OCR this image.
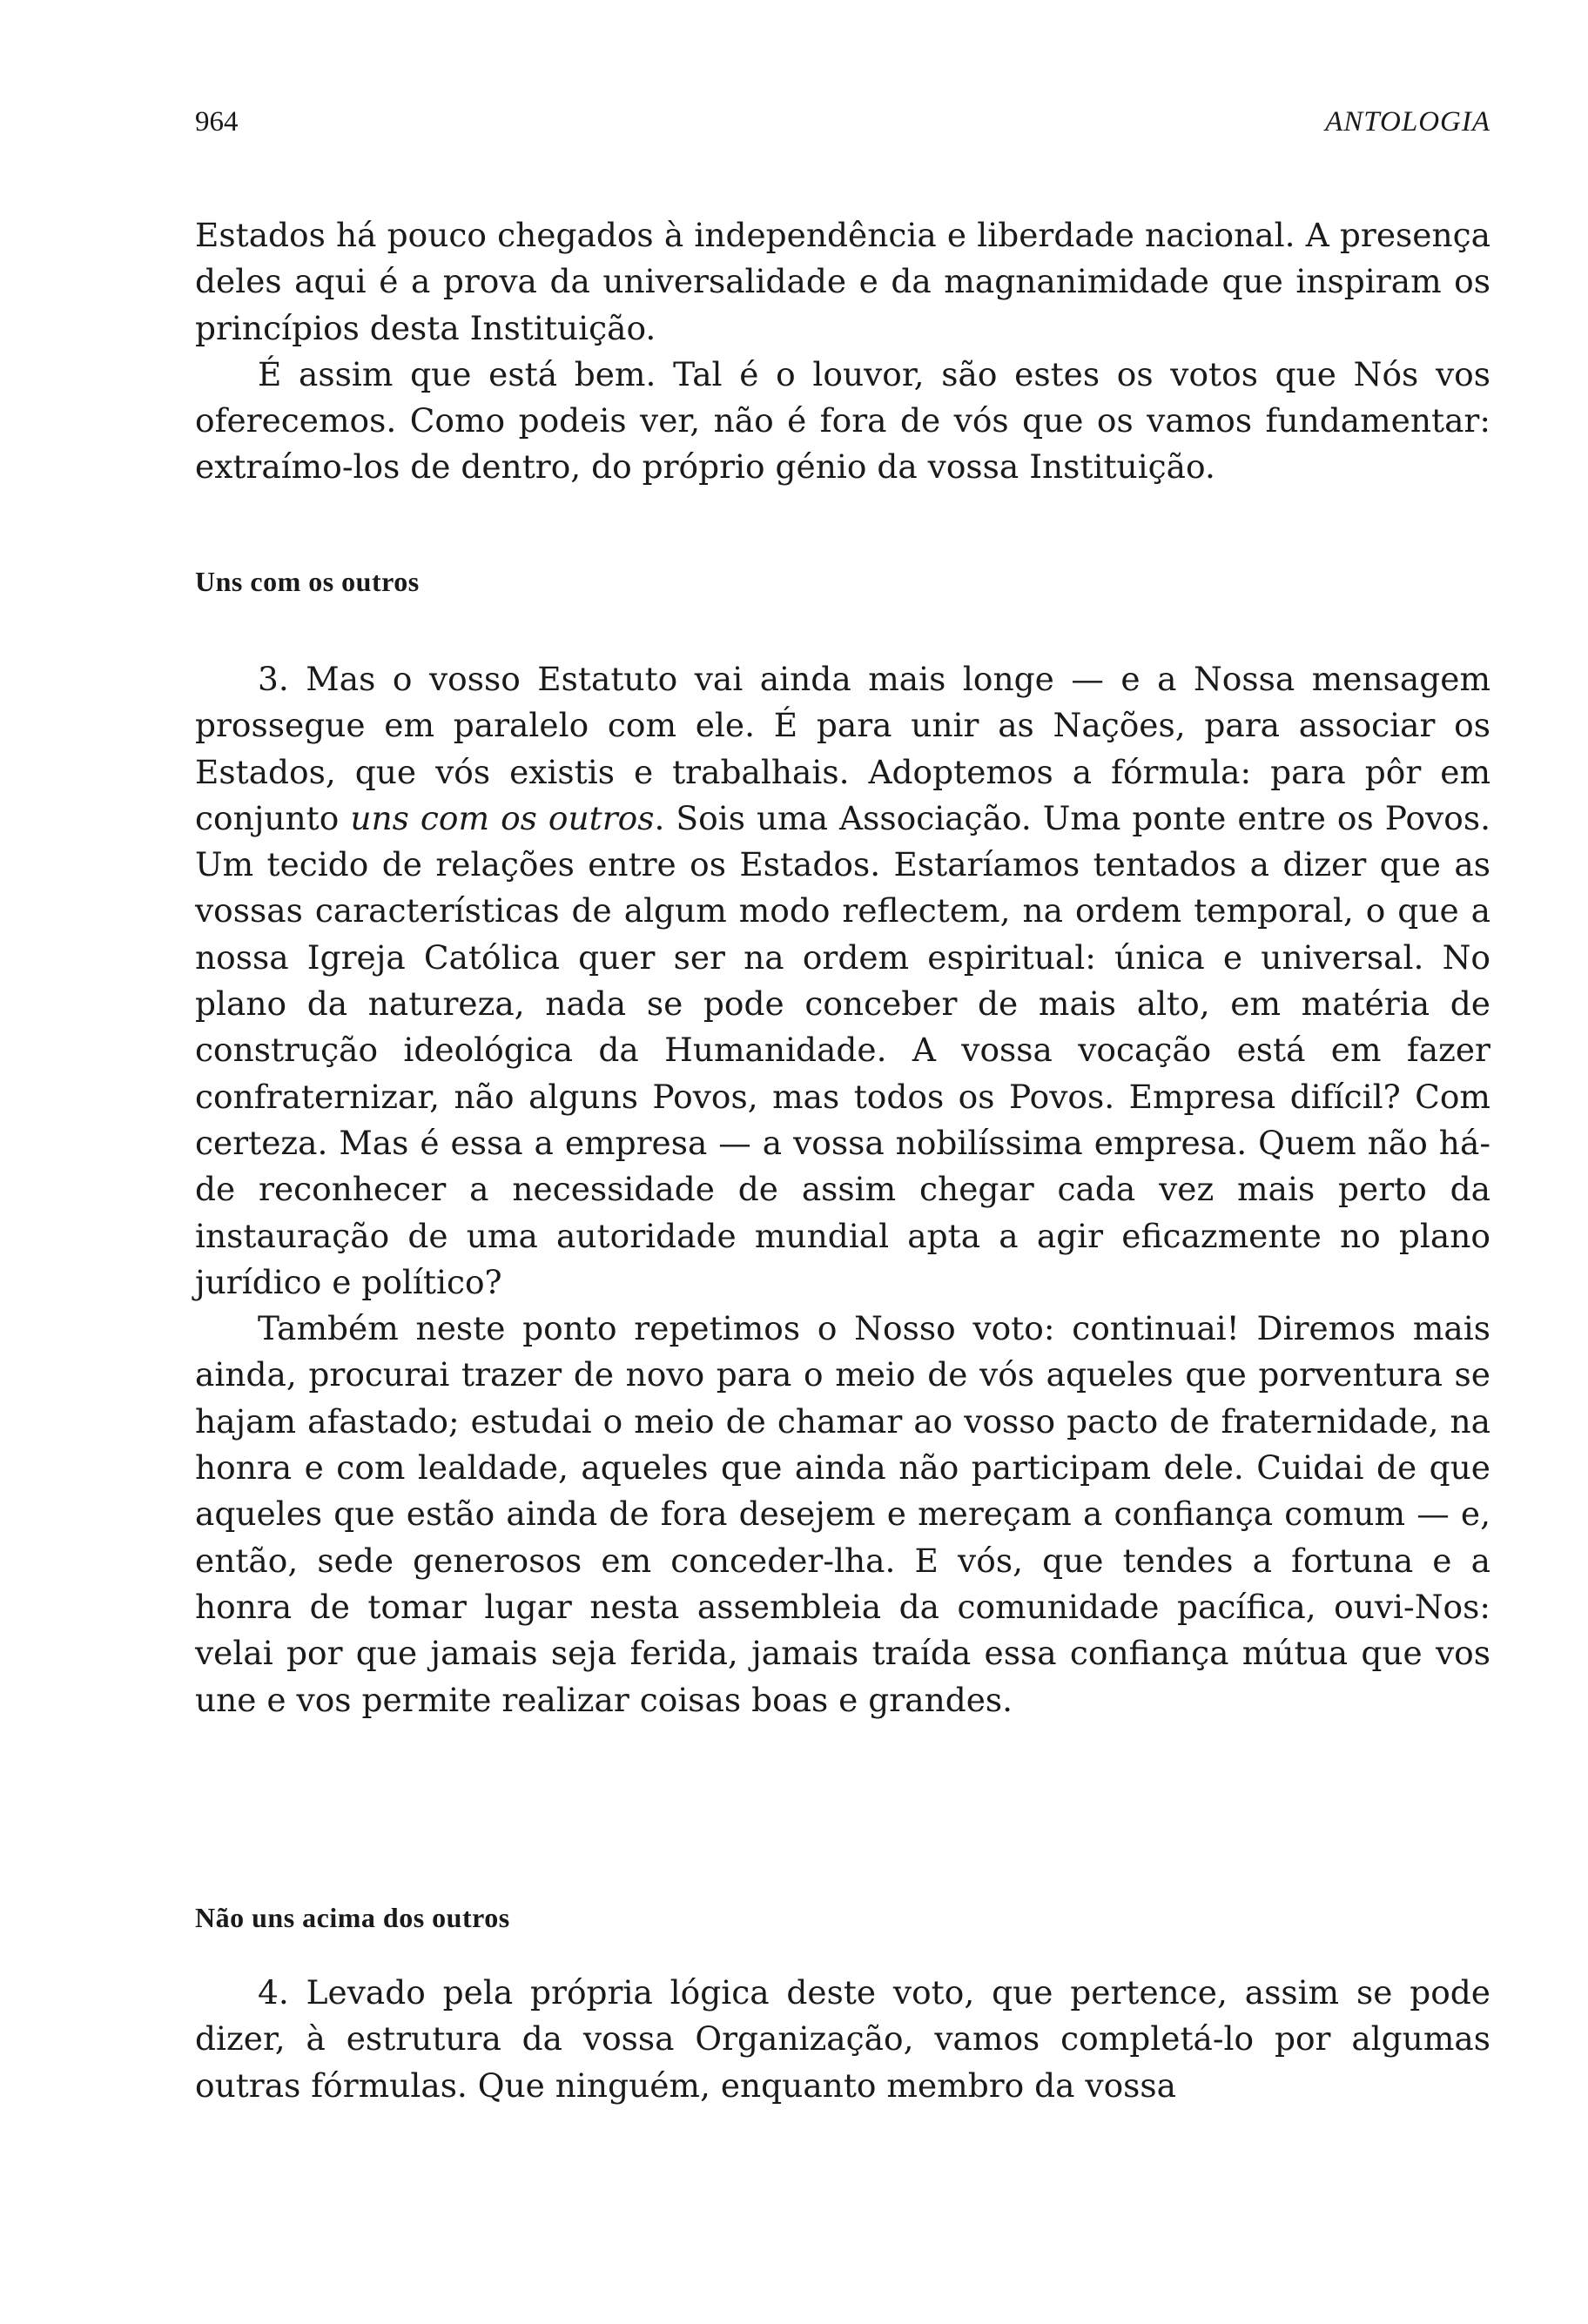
964	ANTOLOGIA

Estados há pouco chegados à independência e liberdade nacional. A presença deles aqui é a prova da universalidade e da magnanimidade que inspiram os princípios desta Instituição.

É assim que está bem. Tal é o louvor, são estes os votos que Nós vos oferecemos. Como podeis ver, não é fora de vós que os vamos fundamentar: extraímo-los de dentro, do próprio génio da vossa Instituição.

Uns com os outros

3. Mas o vosso Estatuto vai ainda mais longe — e a Nossa mensagem prossegue em paralelo com ele. É para unir as Nações, para associar os Estados, que vós existis e trabalhais. Adoptemos a fórmula: para pôr em conjunto uns com os outros. Sois uma Associação. Uma ponte entre os Povos. Um tecido de relações entre os Estados. Estaríamos tentados a dizer que as vossas características de algum modo reflectem, na ordem temporal, o que a nossa Igreja Católica quer ser na ordem espiritual: única e universal. No plano da natureza, nada se pode conceber de mais alto, em matéria de construção ideológica da Humanidade. A vossa vocação está em fazer confraternizar, não alguns Povos, mas todos os Povos. Empresa difícil? Com certeza. Mas é essa a empresa — a vossa nobilíssima empresa. Quem não há-de reconhecer a necessidade de assim chegar cada vez mais perto da instauração de uma autoridade mundial apta a agir eficazmente no plano jurídico e político?

Também neste ponto repetimos o Nosso voto: continuai! Diremos mais ainda, procurai trazer de novo para o meio de vós aqueles que porventura se hajam afastado; estudai o meio de chamar ao vosso pacto de fraternidade, na honra e com lealdade, aqueles que ainda não participam dele. Cuidai de que aqueles que estão ainda de fora desejem e mereçam a confiança comum — e, então, sede generosos em conceder-lha. E vós, que tendes a fortuna e a honra de tomar lugar nesta assembleia da comunidade pacífica, ouvi-Nos: velai por que jamais seja ferida, jamais traída essa confiança mútua que vos une e vos permite realizar coisas boas e grandes.

Não uns acima dos outros

4. Levado pela própria lógica deste voto, que pertence, assim se pode dizer, à estrutura da vossa Organização, vamos completá-lo por algumas outras fórmulas. Que ninguém, enquanto membro da vossa
